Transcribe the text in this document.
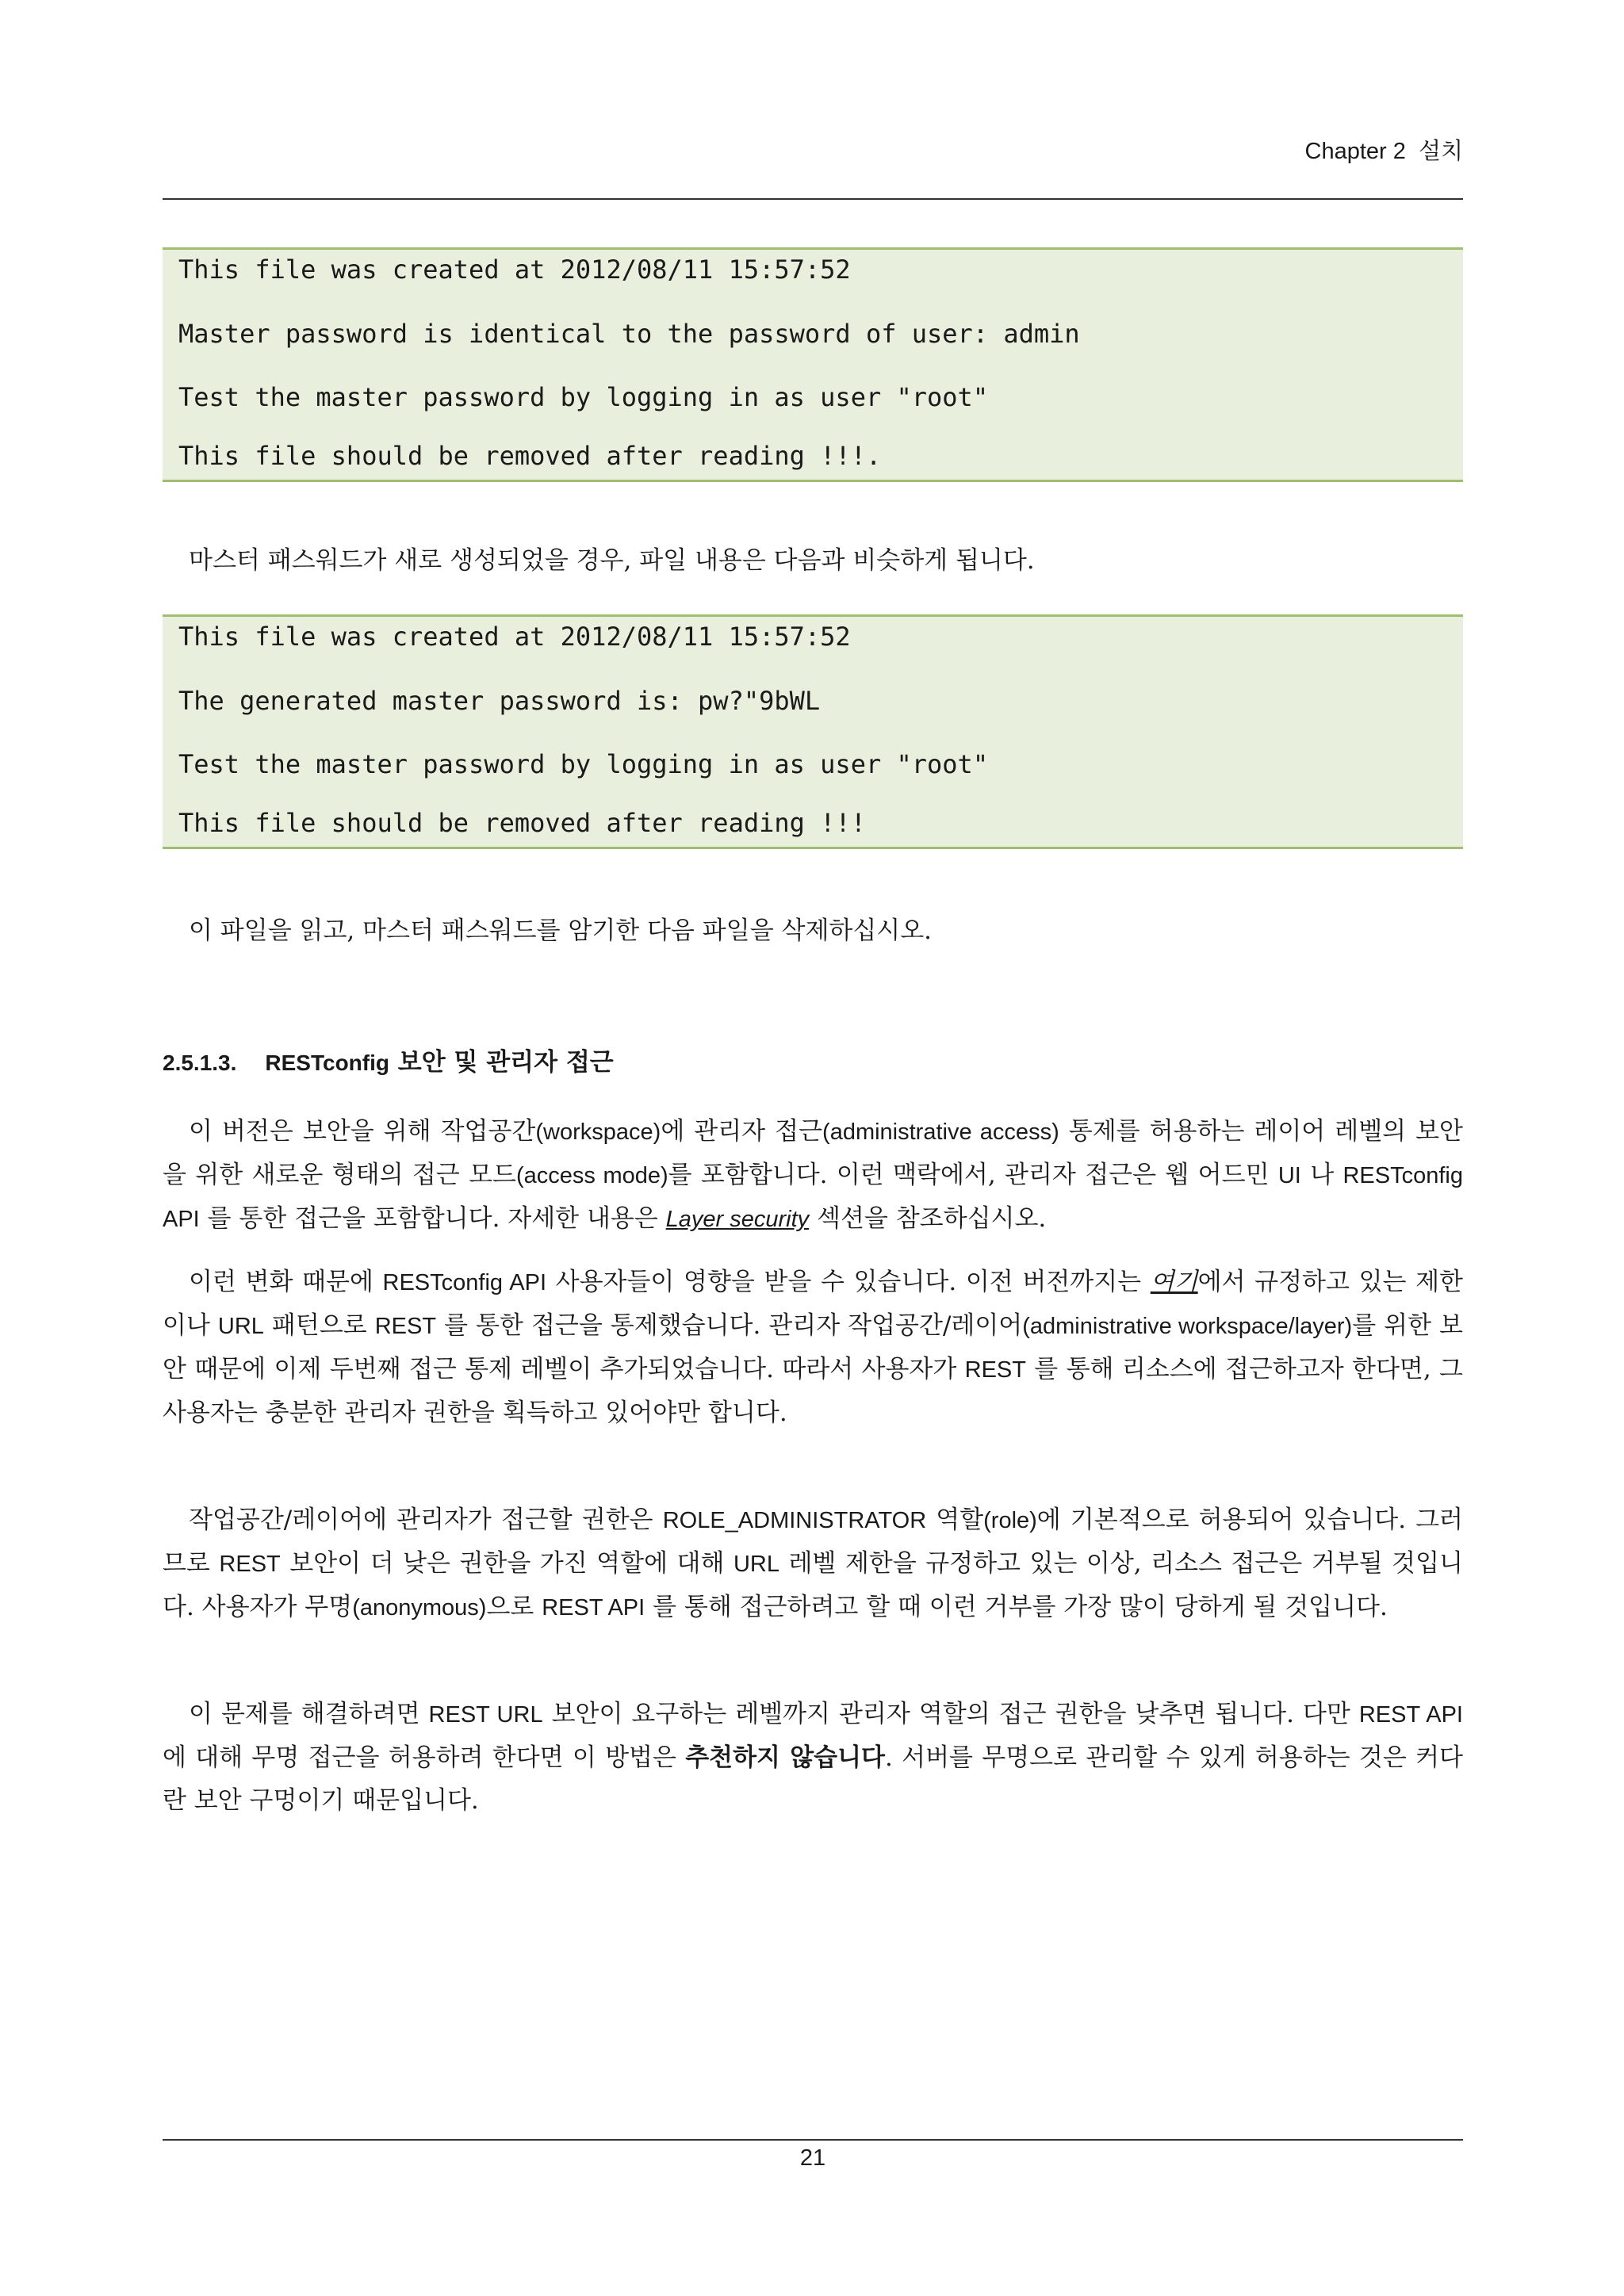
Chapter 2 설치
This file was created at 2012/08/11 15:57:52
Master password is identical to the password of user: admin
Test the master password by logging in as user "root"
This file should be removed after reading !!!.

마스터 패스워드가 새로 생성되었을 경우, 파일 내용은 다음과 비슷하게 됩니다.

This file was created at 2012/08/11 15:57:52
The generated master password is: pw?"9bWL
Test the master password by logging in as user "root"
This file should be removed after reading !!!

이 파일을 읽고, 마스터 패스워드를 암기한 다음 파일을 삭제하십시오.

2.5.1.3. RESTconfig 보안 및 관리자 접근

이 버전은 보안을 위해 작업공간(workspace)에 관리자 접근(administrative access) 통제를 허용하는 레이어 레벨의 보안을 위한 새로운 형태의 접근 모드(access mode)를 포함합니다. 이런 맥락에서, 관리자 접근은 웹 어드민 UI 나 RESTconfig API 를 통한 접근을 포함합니다. 자세한 내용은 Layer security 섹션을 참조하십시오.

이런 변화 때문에 RESTconfig API 사용자들이 영향을 받을 수 있습니다. 이전 버전까지는 여기에서 규정하고 있는 제한이나 URL 패턴으로 REST 를 통한 접근을 통제했습니다. 관리자 작업공간/레이어(administrative workspace/layer)를 위한 보안 때문에 이제 두번째 접근 통제 레벨이 추가되었습니다. 따라서 사용자가 REST 를 통해 리소스에 접근하고자 한다면, 그 사용자는 충분한 관리자 권한을 획득하고 있어야만 합니다.

작업공간/레이어에 관리자가 접근할 권한은 ROLE_ADMINISTRATOR 역할(role)에 기본적으로 허용되어 있습니다. 그러므로 REST 보안이 더 낮은 권한을 가진 역할에 대해 URL 레벨 제한을 규정하고 있는 이상, 리소스 접근은 거부될 것입니다. 사용자가 무명(anonymous)으로 REST API 를 통해 접근하려고 할 때 이런 거부를 가장 많이 당하게 될 것입니다.

이 문제를 해결하려면 REST URL 보안이 요구하는 레벨까지 관리자 역할의 접근 권한을 낮추면 됩니다. 다만 REST API 에 대해 무명 접근을 허용하려 한다면 이 방법은 추천하지 않습니다. 서버를 무명으로 관리할 수 있게 허용하는 것은 커다란 보안 구멍이기 때문입니다.

21
